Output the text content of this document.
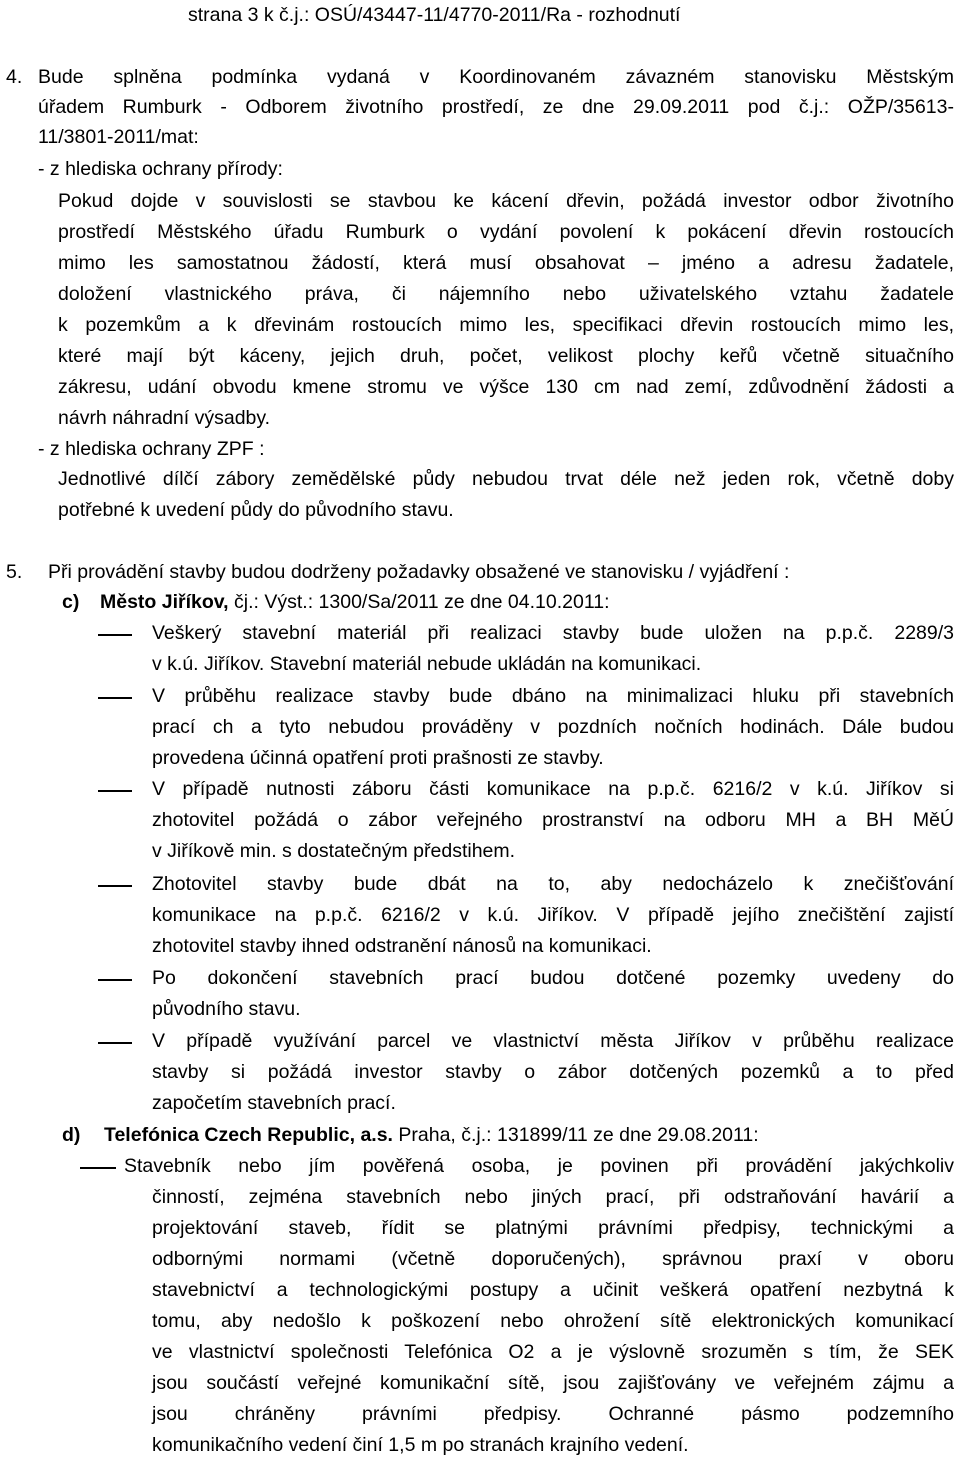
strana 3 k č.j.: OSÚ/43447-11/4770-2011/Ra - rozhodnutí
4. Bude splněna podmínka vydaná v Koordinovaném závazném stanovisku Městským
úřadem Rumburk - Odborem životního prostředí, ze dne 29.09.2011 pod č.j.: OŽP/35613-
11/3801-2011/mat:
- z hlediska ochrany přírody:
Pokud dojde v souvislosti se stavbou ke kácení dřevin, požádá investor odbor životního
prostředí Městského úřadu Rumburk o vydání povolení k pokácení dřevin rostoucích
mimo les samostatnou žádostí, která musí obsahovat – jméno a adresu žadatele,
doložení vlastnického práva, či nájemního nebo uživatelského vztahu žadatele
k pozemkům a k dřevinám rostoucích mimo les, specifikaci dřevin rostoucích mimo les,
které mají být káceny, jejich druh, počet, velikost plochy keřů včetně situačního
zákresu, udání obvodu kmene stromu ve výšce 130 cm nad zemí, zdůvodnění žádosti a
návrh náhradní výsadby.
- z hlediska ochrany ZPF :
Jednotlivé dílčí zábory zemědělské půdy nebudou trvat déle než jeden rok, včetně doby
potřebné k uvedení půdy do původního stavu.
5. Při provádění stavby budou dodrženy požadavky obsažené ve stanovisku / vyjádření :
c) Město Jiříkov, čj.: Výst.: 1300/Sa/2011 ze dne 04.10.2011:
Veškerý stavební materiál při realizaci stavby bude uložen na p.p.č. 2289/3
v k.ú. Jiříkov. Stavební materiál nebude ukládán na komunikaci.
V průběhu realizace stavby bude dbáno na minimalizaci hluku při stavebních
prací ch a tyto nebudou prováděny v pozdních nočních hodinách. Dále budou
provedena účinná opatření proti prašnosti ze stavby.
V případě nutnosti záboru části komunikace na p.p.č. 6216/2 v k.ú. Jiříkov si
zhotovitel požádá o zábor veřejného prostranství na odboru MH a BH MěÚ
v Jiříkově min. s dostatečným předstihem.
Zhotovitel stavby bude dbát na to, aby nedocházelo k znečišťování
komunikace na p.p.č. 6216/2 v k.ú. Jiříkov. V případě jejího znečištění zajistí
zhotovitel stavby ihned odstranění nánosů na komunikaci.
Po dokončení stavebních prací budou dotčené pozemky uvedeny do
původního stavu.
V případě využívání parcel ve vlastnictví města Jiříkov v průběhu realizace
stavby si požádá investor stavby o zábor dotčených pozemků a to před
započetím stavebních prací.
d) Telefónica Czech Republic, a.s. Praha, č.j.: 131899/11 ze dne 29.08.2011:
Stavebník nebo jím pověřená osoba, je povinen při provádění jakýchkoliv
činností, zejména stavebních nebo jiných prací, při odstraňování havárií a
projektování staveb, řídit se platnými právními předpisy, technickými a
odbornými normami (včetně doporučených), správnou praxí v oboru
stavebnictví a technologickými postupy a učinit veškerá opatření nezbytná k
tomu, aby nedošlo k poškození nebo ohrožení sítě elektronických komunikací
ve vlastnictví společnosti Telefónica O2 a je výslovně srozuměn s tím, že SEK
jsou součástí veřejné komunikační sítě, jsou zajišťovány ve veřejném zájmu a
jsou chráněny právními předpisy. Ochranné pásmo podzemního
komunikačního vedení činí 1,5 m po stranách krajního vedení.
